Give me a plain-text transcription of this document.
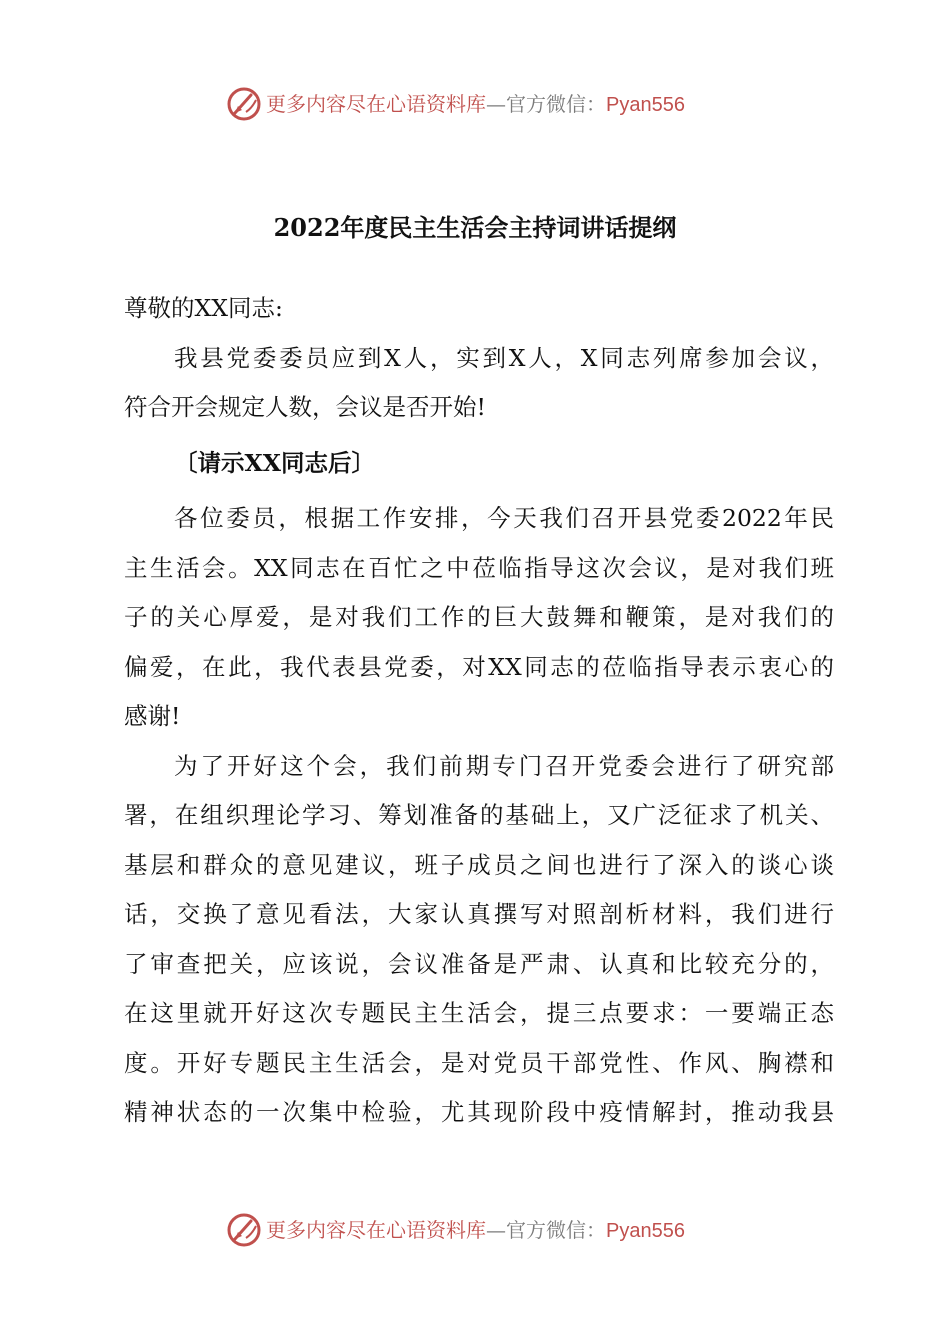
更多内容尽在心语资料库—官方微信：Pyan556
2022年度民主生活会主持词讲话提纲
尊敬的XX同志:
我县党委委员应到X人，实到X人，X同志列席参加会议，
符合开会规定人数，会议是否开始!
〔请示XX同志后〕
各位委员，根据工作安排，今天我们召开县党委2022年民
主生活会。XX同志在百忙之中莅临指导这次会议，是对我们班
子的关心厚爱，是对我们工作的巨大鼓舞和鞭策，是对我们的
偏爱，在此，我代表县党委，对XX同志的莅临指导表示衷心的
感谢!
为了开好这个会，我们前期专门召开党委会进行了研究部
署，在组织理论学习、筹划准备的基础上，又广泛征求了机关、
基层和群众的意见建议，班子成员之间也进行了深入的谈心谈
话，交换了意见看法，大家认真撰写对照剖析材料，我们进行
了审查把关，应该说，会议准备是严肃、认真和比较充分的，
在这里就开好这次专题民主生活会，提三点要求：一要端正态
度。开好专题民主生活会，是对党员干部党性、作风、胸襟和
精神状态的一次集中检验，尤其现阶段中疫情解封，推动我县
更多内容尽在心语资料库—官方微信：Pyan556
